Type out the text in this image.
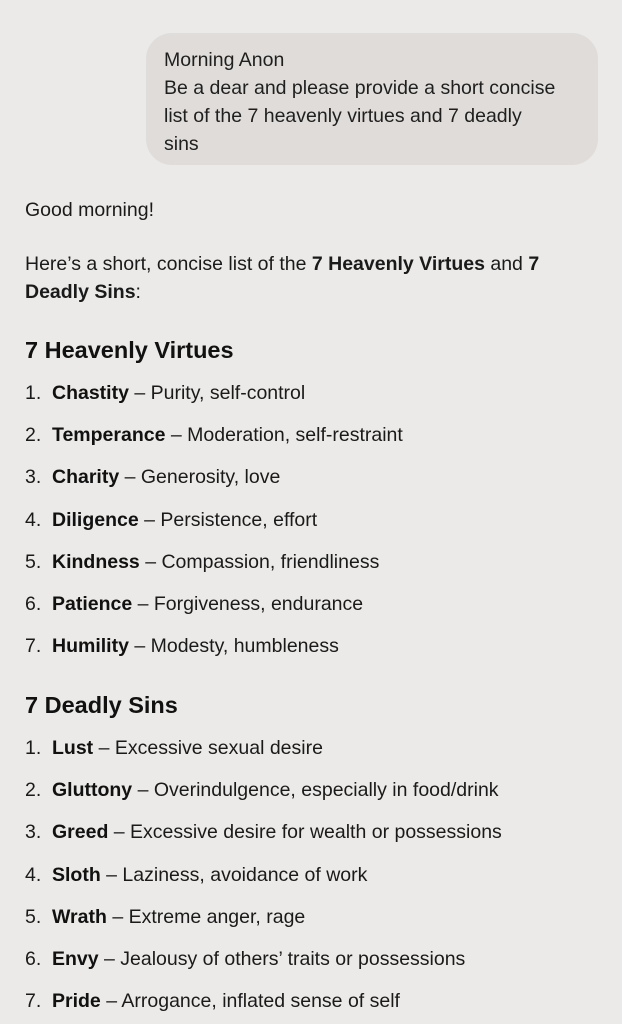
Morning Anon
Be a dear and please provide a short concise
list of the 7 heavenly virtues and 7 deadly
sins
Good morning!
Here’s a short, concise list of the 7 Heavenly Virtues and 7
Deadly Sins:
7 Heavenly Virtues
1. Chastity – Purity, self-control
2. Temperance – Moderation, self-restraint
3. Charity – Generosity, love
4. Diligence – Persistence, effort
5. Kindness – Compassion, friendliness
6. Patience – Forgiveness, endurance
7. Humility – Modesty, humbleness
7 Deadly Sins
1. Lust – Excessive sexual desire
2. Gluttony – Overindulgence, especially in food/drink
3. Greed – Excessive desire for wealth or possessions
4. Sloth – Laziness, avoidance of work
5. Wrath – Extreme anger, rage
6. Envy – Jealousy of others’ traits or possessions
7. Pride – Arrogance, inflated sense of self
